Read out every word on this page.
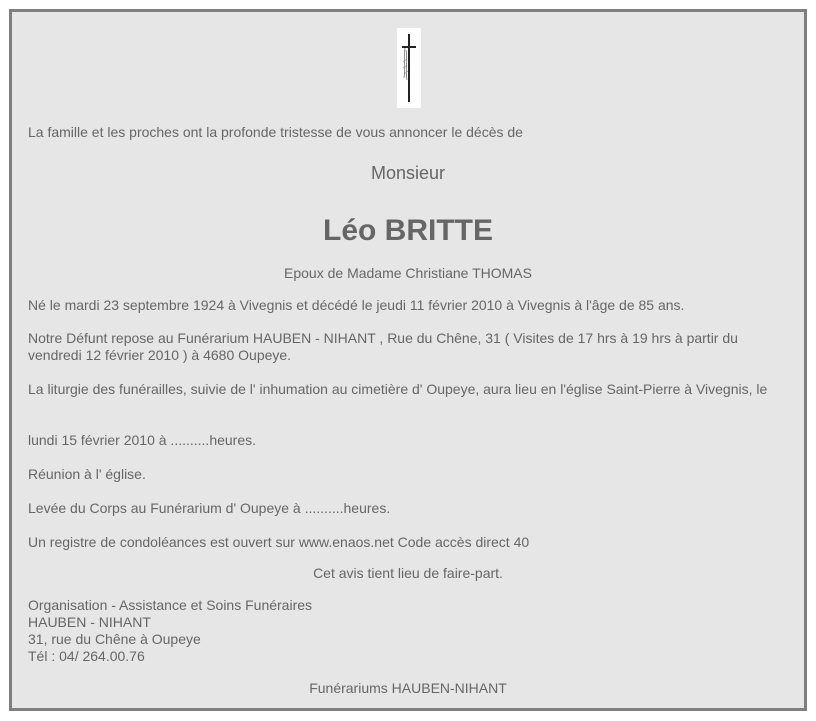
La famille et les proches ont la profonde tristesse de vous annoncer le décès de

Monsieur

Léo BRITTE

Epoux de Madame Christiane THOMAS

Né le mardi 23 septembre 1924 à Vivegnis et décédé le jeudi 11 février 2010 à Vivegnis à l'âge de 85 ans.

Notre Défunt repose au Funérarium HAUBEN - NIHANT , Rue du Chêne, 31 ( Visites de 17 hrs à 19 hrs à partir du vendredi 12 février 2010 ) à 4680 Oupeye.

La liturgie des funérailles, suivie de l' inhumation au cimetière d' Oupeye, aura lieu en l'église Saint-Pierre à Vivegnis, le

lundi 15 février 2010 à ..........heures.

Réunion à l' église.

Levée du Corps au Funérarium d' Oupeye à ..........heures.

Un registre de condoléances est ouvert sur www.enaos.net Code accès direct 40

Cet avis tient lieu de faire-part.

Organisation - Assistance et Soins Funéraires
HAUBEN - NIHANT
31, rue du Chêne à Oupeye
Tél : 04/ 264.00.76

Funérariums HAUBEN-NIHANT
